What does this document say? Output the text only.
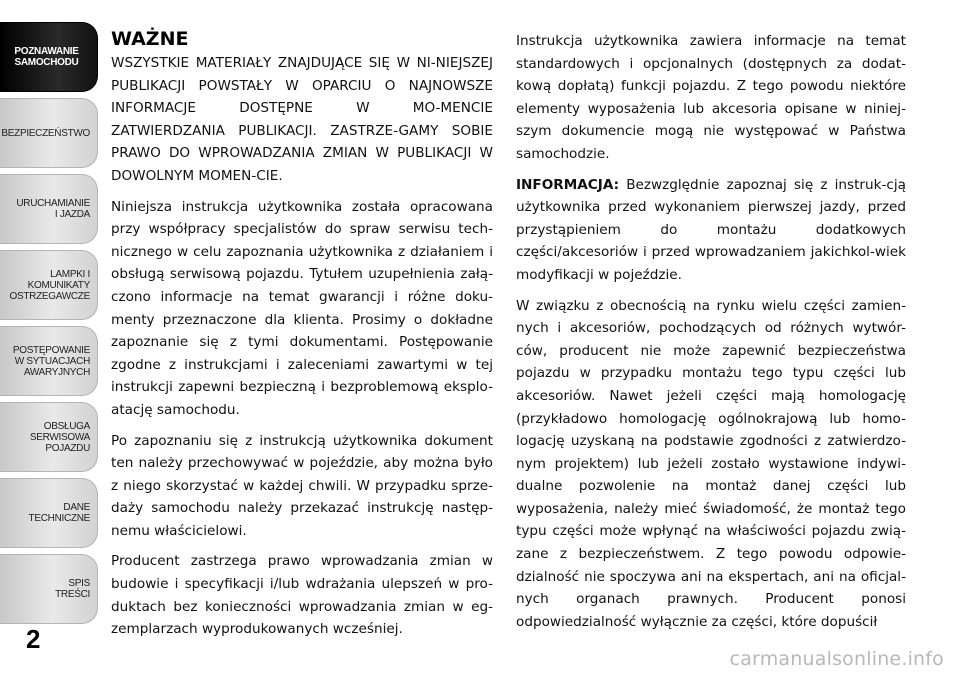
POZNAWANIE
SAMOCHODU
BEZPIECZEŃSTWO
URUCHAMIANIE
I JAZDA
LAMPKI I
KOMUNIKATY
OSTRZEGAWCZE
POSTĘPOWANIE
W SYTUACJACH
AWARYJNYCH
OBSŁUGA
SERWISOWA
POJAZDU
DANE
TECHNICZNE
SPIS
TREŚCI
2
WAŻNE

WSZYSTKIE MATERIAŁY ZNAJDUJĄCE SIĘ W NI-NIEJSZEJ PUBLIKACJI POWSTAŁY W OPARCIU O NAJNOWSZE INFORMACJE DOSTĘPNE W MO-MENCIE ZATWIERDZANIA PUBLIKACJI. ZASTRZE-GAMY SOBIE PRAWO DO WPROWADZANIA ZMIAN W PUBLIKACJI W DOWOLNYM MOMEN-CIE.

Niniejsza instrukcja użytkownika została opracowana przy współpracy specjalistów do spraw serwisu tech-nicznego w celu zapoznania użytkownika z działaniem i obsługą serwisową pojazdu. Tytułem uzupełnienia załą-czono informacje na temat gwarancji i różne doku-menty przeznaczone dla klienta. Prosimy o dokładne zapoznanie się z tymi dokumentami. Postępowanie zgodne z instrukcjami i zaleceniami zawartymi w tej instrukcji zapewni bezpieczną i bezproblemową eksplo-atację samochodu.

Po zapoznaniu się z instrukcją użytkownika dokument ten należy przechowywać w pojeździe, aby można było z niego skorzystać w każdej chwili. W przypadku sprze-daży samochodu należy przekazać instrukcję następ-nemu właścicielowi.

Producent zastrzega prawo wprowadzania zmian w budowie i specyfikacji i/lub wdrażania ulepszeń w pro-duktach bez konieczności wprowadzania zmian w eg-zemplarzach wyprodukowanych wcześniej.

Instrukcja użytkownika zawiera informacje na temat standardowych i opcjonalnych (dostępnych za dodat-kową dopłatą) funkcji pojazdu. Z tego powodu niektóre elementy wyposażenia lub akcesoria opisane w niniej-szym dokumencie mogą nie występować w Państwa samochodzie.

INFORMACJA: Bezwzględnie zapoznaj się z instruk-cją użytkownika przed wykonaniem pierwszej jazdy, przed przystąpieniem do montażu dodatkowych części/akcesoriów i przed wprowadzaniem jakichkol-wiek modyfikacji w pojeździe.

W związku z obecnością na rynku wielu części zamien-nych i akcesoriów, pochodzących od różnych wytwór-ców, producent nie może zapewnić bezpieczeństwa pojazdu w przypadku montażu tego typu części lub akcesoriów. Nawet jeżeli części mają homologację (przykładowo homologację ogólnokrajową lub homo-logację uzyskaną na podstawie zgodności z zatwierdzo-nym projektem) lub jeżeli zostało wystawione indywi-dualne pozwolenie na montaż danej części lub wyposażenia, należy mieć świadomość, że montaż tego typu części może wpłynąć na właściwości pojazdu zwią-zane z bezpieczeństwem. Z tego powodu odpowie-dzialność nie spoczywa ani na ekspertach, ani na oficjal-nych organach prawnych. Producent ponosi odpowiedzialność wyłącznie za części, które dopuścił

carmanualsonline.info
